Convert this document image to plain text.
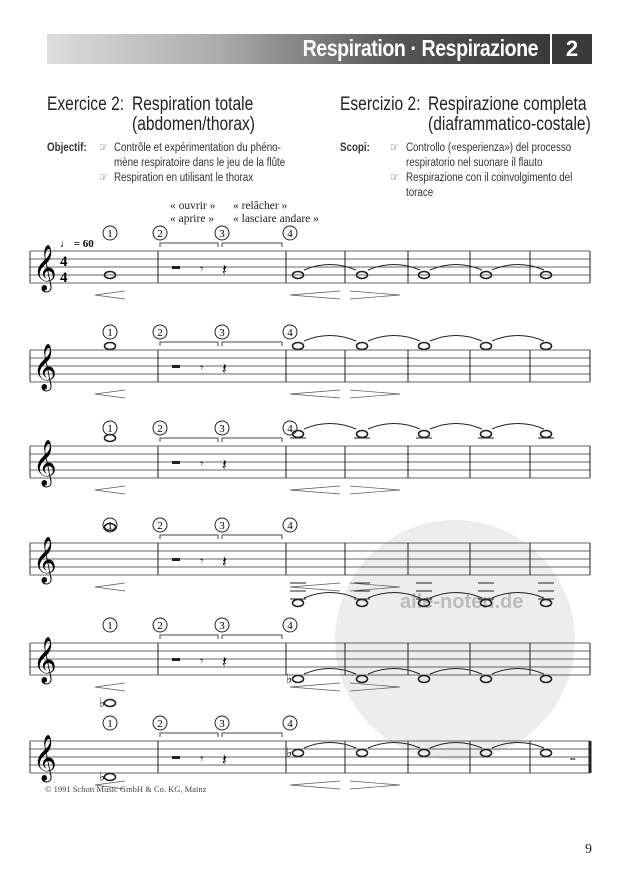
Respiration · Respirazione	2
Exercice 2: Respiration totale
(abdomen/thorax)
Esercizio 2: Respirazione completa
(diaframmatico-costale)
Objectif: ☞ Contrôle et expérimentation du phéno-
mène respiratoire dans le jeu de la flûte
☞ Respiration en utilisant le thorax
Scopi: ☞ Controllo («esperienza») del processo
respiratorio nel suonare il flauto
☞ Respirazione con il coinvolgimento del
torace
« ouvrir »
« aprire »
« relâcher »
« lasciare andare »
alle-noten.de
𝄞 4
4
♩ = 60
1	2	3	4
𝄾 𝄽
𝄞
1	2	3	4
𝄾 𝄽
𝄞
1	2	3	4
𝄾 𝄽
𝄞
1	2	3	4
𝄾 𝄽
𝄞
♭
1	2	3	4
𝄾 𝄽
♭
𝄞	♭
1	2	3	4
𝄾 𝄽	♭	𝆗
© 1991 Schott Music GmbH & Co. KG, Mainz
9
